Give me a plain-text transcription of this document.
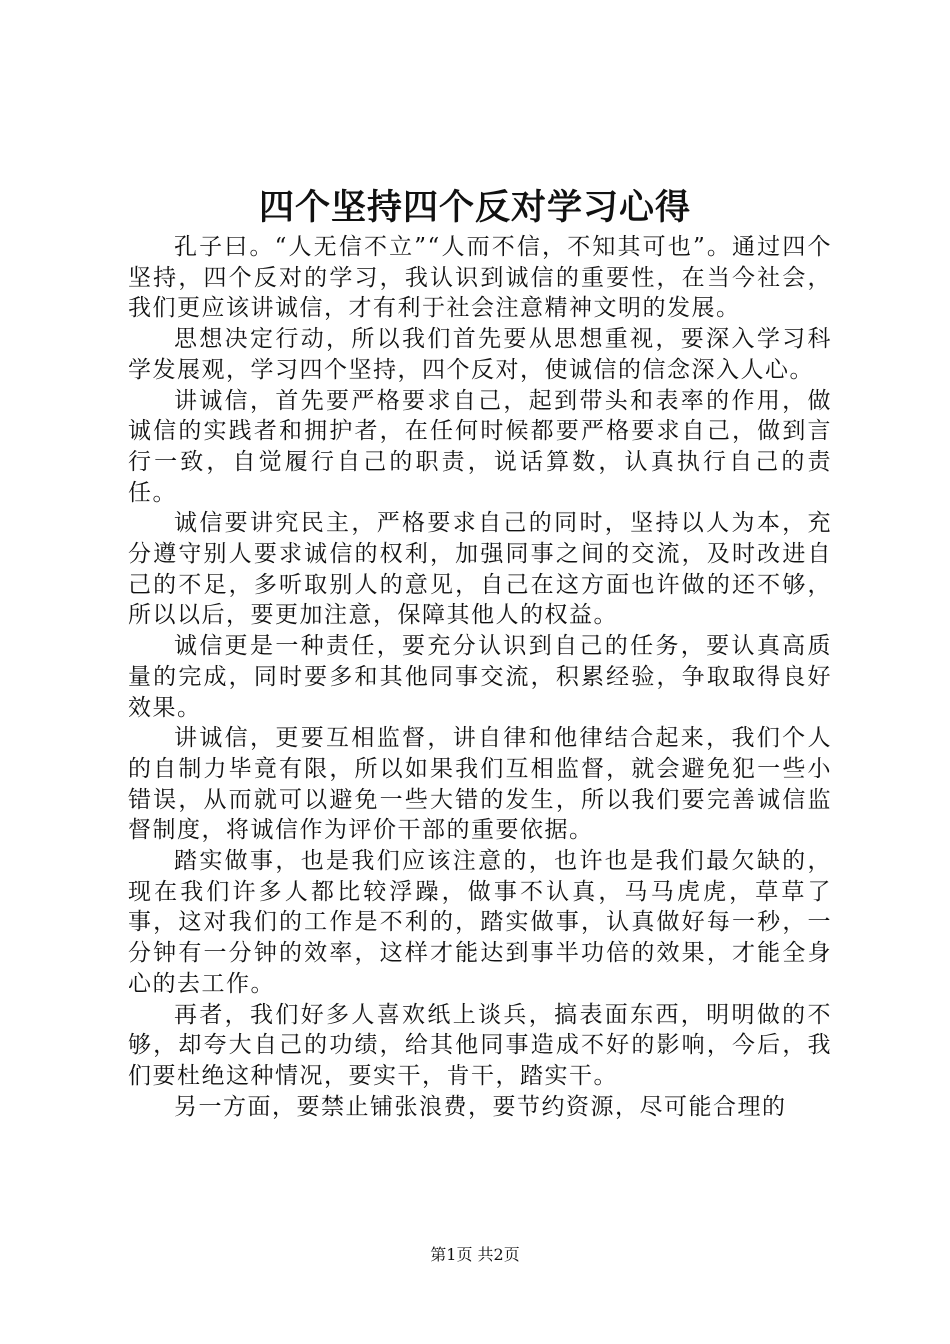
四个坚持四个反对学习心得

孔子曰。“人无信不立”“人而不信，不知其可也”。通过四个坚持，四个反对的学习，我认识到诚信的重要性，在当今社会，我们更应该讲诚信，才有利于社会注意精神文明的发展。

思想决定行动，所以我们首先要从思想重视，要深入学习科学发展观，学习四个坚持，四个反对，使诚信的信念深入人心。

讲诚信，首先要严格要求自己，起到带头和表率的作用，做诚信的实践者和拥护者，在任何时候都要严格要求自己，做到言行一致，自觉履行自己的职责，说话算数，认真执行自己的责任。

诚信要讲究民主，严格要求自己的同时，坚持以人为本，充分遵守别人要求诚信的权利，加强同事之间的交流，及时改进自己的不足，多听取别人的意见，自己在这方面也许做的还不够，所以以后，要更加注意，保障其他人的权益。

诚信更是一种责任，要充分认识到自己的任务，要认真高质量的完成，同时要多和其他同事交流，积累经验，争取取得良好效果。

讲诚信，更要互相监督，讲自律和他律结合起来，我们个人的自制力毕竟有限，所以如果我们互相监督，就会避免犯一些小错误，从而就可以避免一些大错的发生，所以我们要完善诚信监督制度，将诚信作为评价干部的重要依据。

踏实做事，也是我们应该注意的，也许也是我们最欠缺的，现在我们许多人都比较浮躁，做事不认真，马马虎虎，草草了事，这对我们的工作是不利的，踏实做事，认真做好每一秒，一分钟有一分钟的效率，这样才能达到事半功倍的效果，才能全身心的去工作。

再者，我们好多人喜欢纸上谈兵，搞表面东西，明明做的不够，却夸大自己的功绩，给其他同事造成不好的影响，今后，我们要杜绝这种情况，要实干，肯干，踏实干。

另一方面，要禁止铺张浪费，要节约资源，尽可能合理的

第1页 共2页
